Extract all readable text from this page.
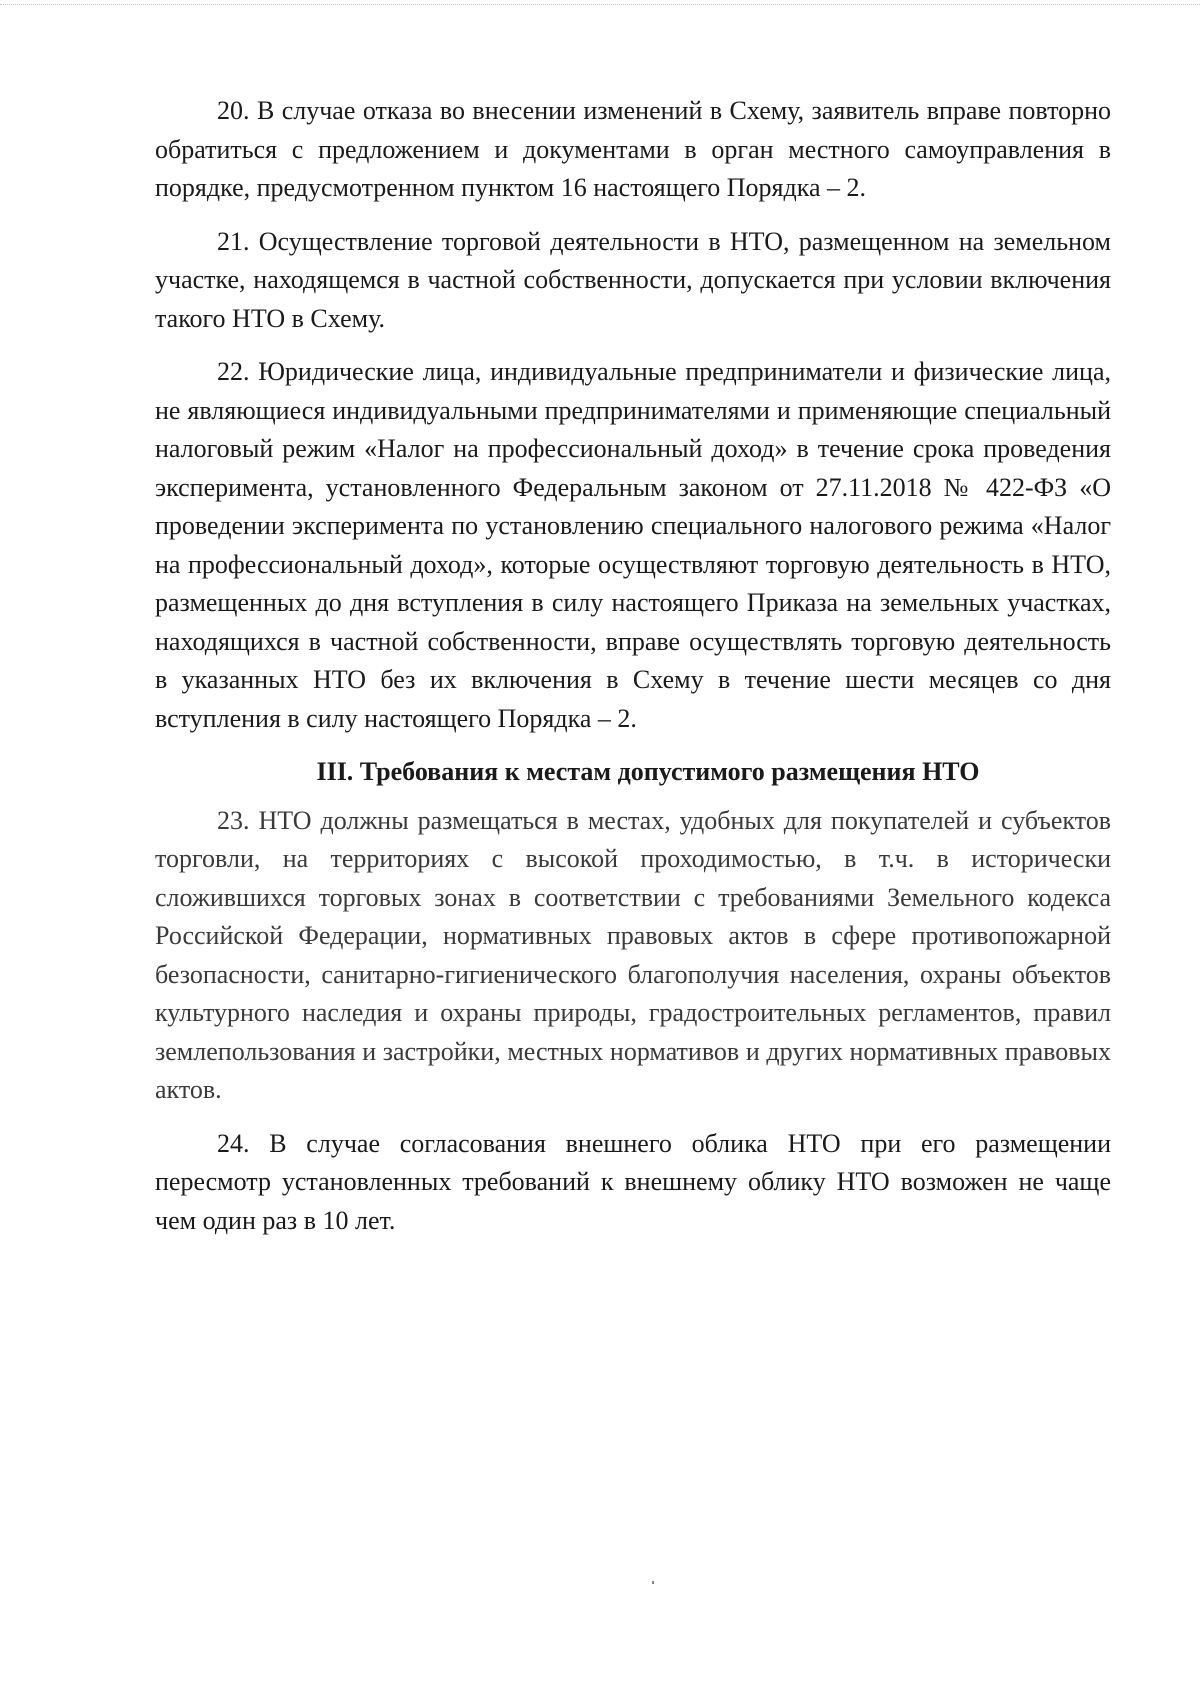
20. В случае отказа во внесении изменений в Схему, заявитель вправе повторно обратиться с предложением и документами в орган местного самоуправления в порядке, предусмотренном пунктом 16 настоящего Порядка – 2.

21. Осуществление торговой деятельности в НТО, размещенном на земельном участке, находящемся в частной собственности, допускается при условии включения такого НТО в Схему.

22. Юридические лица, индивидуальные предприниматели и физические лица, не являющиеся индивидуальными предпринимателями и применяющие специальный налоговый режим «Налог на профессиональный доход» в течение срока проведения эксперимента, установленного Федеральным законом от 27.11.2018 № 422-ФЗ «О проведении эксперимента по установлению специального налогового режима «Налог на профессиональный доход», которые осуществляют торговую деятельность в НТО, размещенных до дня вступления в силу настоящего Приказа на земельных участках, находящихся в частной собственности, вправе осуществлять торговую деятельность в указанных НТО без их включения в Схему в течение шести месяцев со дня вступления в силу настоящего Порядка – 2.

III. Требования к местам допустимого размещения НТО

23. НТО должны размещаться в местах, удобных для покупателей и субъектов торговли, на территориях с высокой проходимостью, в т.ч. в исторически сложившихся торговых зонах в соответствии с требованиями Земельного кодекса Российской Федерации, нормативных правовых актов в сфере противопожарной безопасности, санитарно-гигиенического благополучия населения, охраны объектов культурного наследия и охраны природы, градостроительных регламентов, правил землепользования и застройки, местных нормативов и других нормативных правовых актов.

24. В случае согласования внешнего облика НТО при его размещении пересмотр установленных требований к внешнему облику НТО возможен не чаще чем один раз в 10 лет.
